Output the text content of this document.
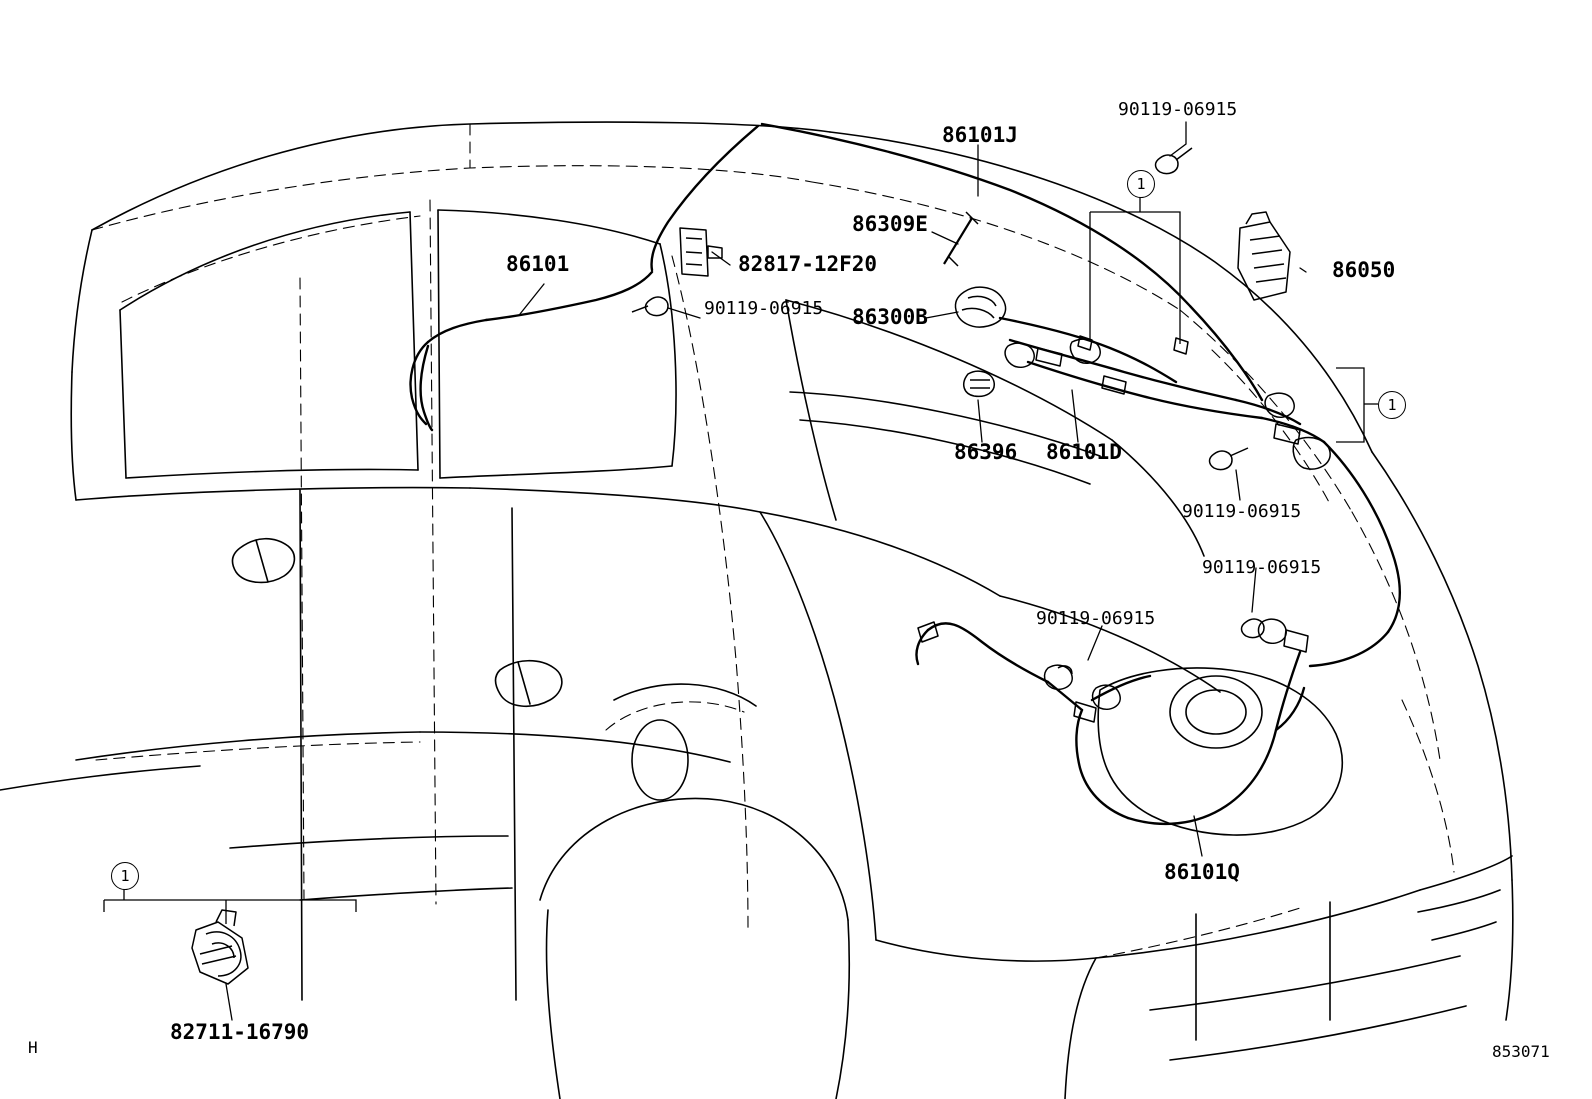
1
1
1
86101J
90119-06915
86309E
86101	82817-12F20
90119-06915 86300B
86050
86396 86101D
90119-06915
90119-06915
90119-06915
86101Q
82711-16790
H	853071
